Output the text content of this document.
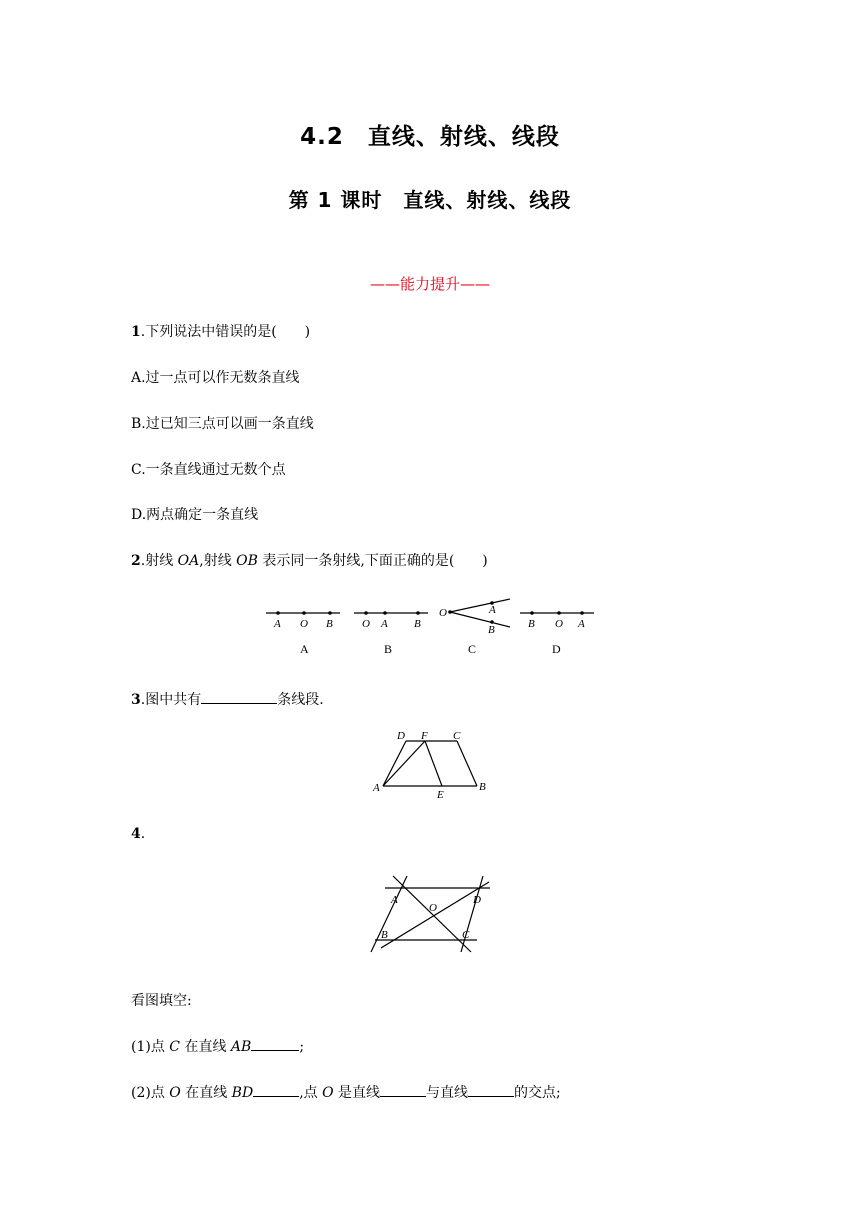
4.2　直线、射线、线段
第 1 课时　直线、射线、线段
——能力提升——
1.下列说法中错误的是(　　)
A.过一点可以作无数条直线
B.过已知三点可以画一条直线
C.一条直线通过无数个点
D.两点确定一条直线
2.射线 OA,射线 OB 表示同一条射线,下面正确的是(　　)
A O B
A
O A B
B
O	A
B
C
B O A
D
3.图中共有	条线段.
D F C
A
E
B
4.
A
O
D
B	C
看图填空:
(1)点 C 在直线 AB	;
(2)点 O 在直线 BD	,点 O 是直线	与直线	的交点;
